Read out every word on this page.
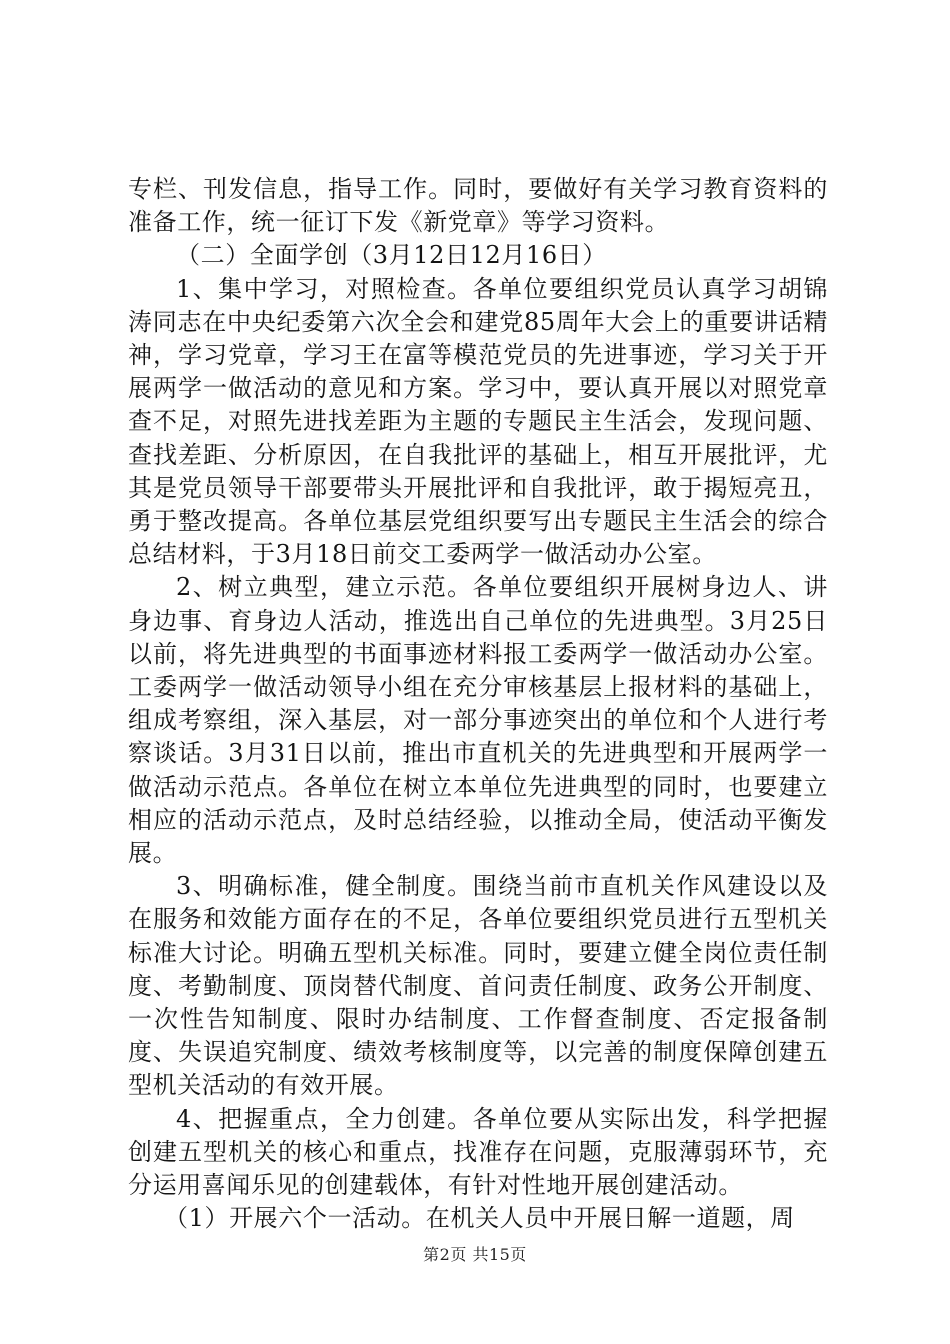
专栏、刊发信息，指导工作。同时，要做好有关学习教育资料的准备工作，统一征订下发《新党章》等学习资料。

（二）全面学创（3月12日12月16日）

1、集中学习，对照检查。各单位要组织党员认真学习胡锦涛同志在中央纪委第六次全会和建党85周年大会上的重要讲话精神，学习党章，学习王在富等模范党员的先进事迹，学习关于开展两学一做活动的意见和方案。学习中，要认真开展以对照党章查不足，对照先进找差距为主题的专题民主生活会，发现问题、查找差距、分析原因，在自我批评的基础上，相互开展批评，尤其是党员领导干部要带头开展批评和自我批评，敢于揭短亮丑，勇于整改提高。各单位基层党组织要写出专题民主生活会的综合总结材料，于3月18日前交工委两学一做活动办公室。

2、树立典型，建立示范。各单位要组织开展树身边人、讲身边事、育身边人活动，推选出自己单位的先进典型。3月25日以前，将先进典型的书面事迹材料报工委两学一做活动办公室。工委两学一做活动领导小组在充分审核基层上报材料的基础上，组成考察组，深入基层，对一部分事迹突出的单位和个人进行考察谈话。3月31日以前，推出市直机关的先进典型和开展两学一做活动示范点。各单位在树立本单位先进典型的同时，也要建立相应的活动示范点，及时总结经验，以推动全局，使活动平衡发展。

3、明确标准，健全制度。围绕当前市直机关作风建设以及在服务和效能方面存在的不足，各单位要组织党员进行五型机关标准大讨论。明确五型机关标准。同时，要建立健全岗位责任制度、考勤制度、顶岗替代制度、首问责任制度、政务公开制度、一次性告知制度、限时办结制度、工作督查制度、否定报备制度、失误追究制度、绩效考核制度等，以完善的制度保障创建五型机关活动的有效开展。

4、把握重点，全力创建。各单位要从实际出发，科学把握创建五型机关的核心和重点，找准存在问题，克服薄弱环节，充分运用喜闻乐见的创建载体，有针对性地开展创建活动。

（1）开展六个一活动。在机关人员中开展日解一道题，周

第2页 共15页
